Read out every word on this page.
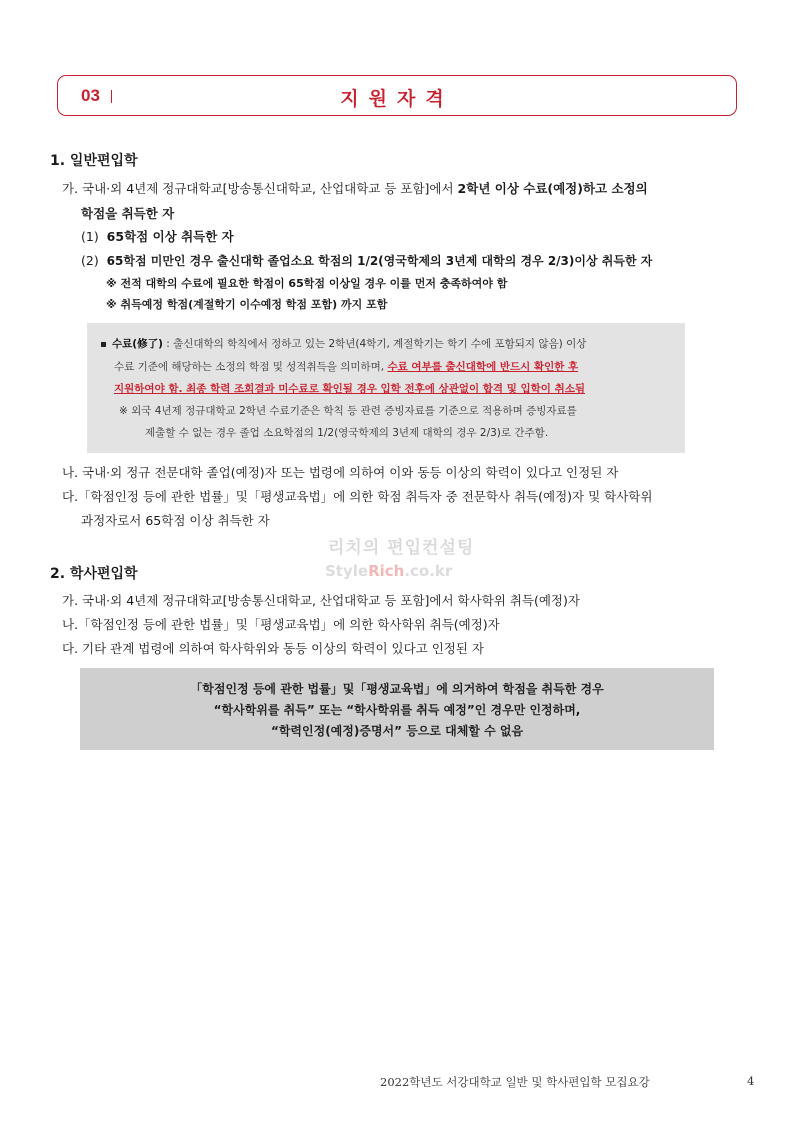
03	지원자격
1. 일반편입학
가. 국내·외 4년제 정규대학교[방송통신대학교, 산업대학교 등 포함]에서 2학년 이상 수료(예정)하고 소정의
학점을 취득한 자
(1) 65학점 이상 취득한 자
(2) 65학점 미만인 경우 출신대학 졸업소요 학점의 1/2(영국학제의 3년제 대학의 경우 2/3)이상 취득한 자
※ 전적 대학의 수료에 필요한 학점이 65학점 이상일 경우 이를 먼저 충족하여야 함
※ 취득예정 학점(계절학기 이수예정 학점 포함) 까지 포함
수료(修了) : 출신대학의 학칙에서 정하고 있는 2학년(4학기, 계절학기는 학기 수에 포함되지 않음) 이상
수료 기준에 해당하는 소정의 학점 및 성적취득을 의미하며, 수료 여부를 출신대학에 반드시 확인한 후
지원하여야 함. 최종 학력 조회결과 미수료로 확인될 경우 입학 전후에 상관없이 합격 및 입학이 취소됨
※ 외국 4년제 정규대학교 2학년 수료기준은 학칙 등 관련 증빙자료를 기준으로 적용하며 증빙자료를
제출할 수 없는 경우 졸업 소요학점의 1/2(영국학제의 3년제 대학의 경우 2/3)로 간주함.
나. 국내·외 정규 전문대학 졸업(예정)자 또는 법령에 의하여 이와 동등 이상의 학력이 있다고 인정된 자
다.「학점인정 등에 관한 법률」및「평생교육법」에 의한 학점 취득자 중 전문학사 취득(예정)자 및 학사학위
과정자로서 65학점 이상 취득한 자
리치의 편입컨설팅
StyleRich.co.kr
2. 학사편입학
가. 국내·외 4년제 정규대학교[방송통신대학교, 산업대학교 등 포함]에서 학사학위 취득(예정)자
나.「학점인정 등에 관한 법률」및「평생교육법」에 의한 학사학위 취득(예정)자
다. 기타 관계 법령에 의하여 학사학위와 동등 이상의 학력이 있다고 인정된 자
「학점인정 등에 관한 법률」및「평생교육법」에 의거하여 학점을 취득한 경우
“학사학위를 취득” 또는 “학사학위를 취득 예정”인 경우만 인정하며,
“학력인정(예정)증명서” 등으로 대체할 수 없음
2022학년도 서강대학교 일반 및 학사편입학 모집요강	4
